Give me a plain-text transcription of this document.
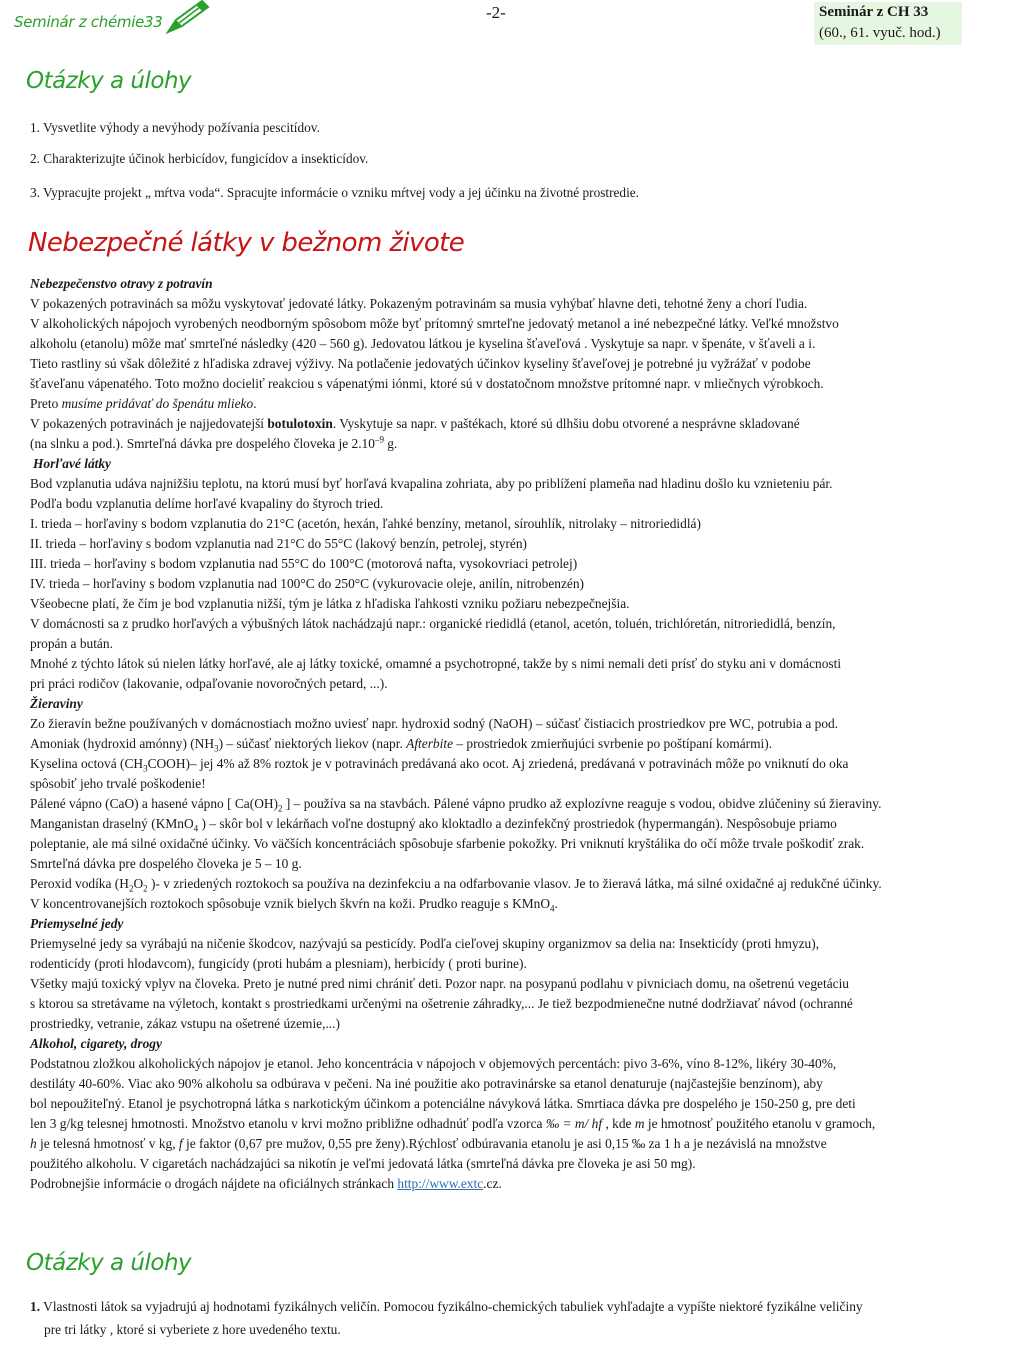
Seminár z chémie33	-2-	Seminár z CH 33
(60., 61. vyuč. hod.)
Otázky a úlohy
1. Vysvetlite výhody a nevýhody požívania pescitídov.
2. Charakterizujte účinok herbicídov, fungicídov a insekticídov.
3. Vypracujte projekt „ mŕtva voda“. Spracujte informácie o vzniku mŕtvej vody a jej účinku na životné prostredie.
Nebezpečné látky v bežnom živote
Nebezpečenstvo otravy z potravín
V pokazených potravinách sa môžu vyskytovať jedovaté látky. Pokazeným potravinám sa musia vyhýbať hlavne deti, tehotné ženy a chorí ľudia.
V alkoholických nápojoch vyrobených neodborným spôsobom môže byť prítomný smrteľne jedovatý metanol a iné nebezpečné látky. Veľké množstvo
alkoholu (etanolu) môže mať smrteľné následky (420 – 560 g). Jedovatou látkou je kyselina šťaveľová . Vyskytuje sa napr. v špenáte, v šťaveli a i.
Tieto rastliny sú však dôležité z hľadiska zdravej výživy. Na potlačenie jedovatých účinkov kyseliny šťaveľovej je potrebné ju vyžrážať v podobe
šťaveľanu vápenatého. Toto možno docieliť reakciou s vápenatými iónmi, ktoré sú v dostatočnom množstve prítomné napr. v mliečnych výrobkoch.
Preto musíme pridávať do špenátu mlieko.
V pokazených potravinách je najjedovatejší botulotoxin. Vyskytuje sa napr. v paštékach, ktoré sú dlhšiu dobu otvorené a nesprávne skladované
(na slnku a pod.). Smrteľná dávka pre dospelého človeka je $2.10^{-9}$ g.
Horľavé látky
Bod vzplanutia udáva najnižšiu teplotu, na ktorú musí byť horľavá kvapalina zohriata, aby po priblížení plameňa nad hladinu došlo ku vznieteniu pár.
Podľa bodu vzplanutia delíme horľavé kvapaliny do štyroch tried.
I. trieda – horľaviny s bodom vzplanutia do 21°C (acetón, hexán, ľahké benzíny, metanol, sírouhlík, nitrolaky – nitroriedidlá)
II. trieda – horľaviny s bodom vzplanutia nad 21°C do 55°C (lakový benzín, petrolej, styrén)
III. trieda – horľaviny s bodom vzplanutia nad 55°C do 100°C (motorová nafta, vysokovriaci petrolej)
IV. trieda – horľaviny s bodom vzplanutia nad 100°C do 250°C (vykurovacie oleje, anilín, nitrobenzén)
Všeobecne platí, že čím je bod vzplanutia nižší, tým je látka z hľadiska ľahkosti vzniku požiaru nebezpečnejšia.
V domácnosti sa z prudko horľavých a výbušných látok nachádzajú napr.: organické riedidlá (etanol, acetón, toluén, trichlóretán, nitroriedidlá, benzín,
propán a bután.
Mnohé z týchto látok sú nielen látky horľavé, ale aj látky toxické, omamné a psychotropné, takže by s nimi nemali deti prísť do styku ani v domácnosti
pri práci rodičov (lakovanie, odpaľovanie novoročných petard, ...).
Žieraviny
Zo žieravín bežne používaných v domácnostiach možno uviesť napr. hydroxid sodný (NaOH) – súčasť čistiacich prostriedkov pre WC, potrubia a pod.
Amoniak (hydroxid amónny) $(NH_3)$ – súčasť niektorých liekov (napr. Afterbite – prostriedok zmierňujúci svrbenie po poštípaní komármi).
Kyselina octová $(CH_3COOH)-$ jej 4% až 8% roztok je v potravinách predávaná ako ocot. Aj zriedená, predávaná v potravinách môže po vniknutí do oka
spôsobiť jeho trvalé poškodenie!
Pálené vápno (CaO) a hasené vápno [ $Ca(OH)_2$ ] – používa sa na stavbách. Pálené vápno prudko až explozívne reaguje s vodou, obidve zlúčeniny sú žieraviny.
Manganistan draselný (KMnO$_4$ ) – skôr bol v lekárňach voľne dostupný ako kloktadlo a dezinfekčný prostriedok (hypermangán). Nespôsobuje priamo
poleptanie, ale má silné oxidačné účinky. Vo väčších koncentráciách spôsobuje sfarbenie pokožky. Pri vniknutí kryštálika do očí môže trvale poškodiť zrak.
Smrteľná dávka pre dospelého človeka je 5 – 10 g.
Peroxid vodíka ($H_2O_2$ )- v zriedených roztokoch sa používa na dezinfekciu a na odfarbovanie vlasov. Je to žieravá látka, má silné oxidačné aj redukčné účinky.
V koncentrovanejších roztokoch spôsobuje vznik bielych škvŕn na koži. Prudko reaguje s KMnO$_4$.
Priemyselné jedy
Priemyselné jedy sa vyrábajú na ničenie škodcov, nazývajú sa pesticídy. Podľa cieľovej skupiny organizmov sa delia na: Insekticídy (proti hmyzu),
rodenticídy (proti hlodavcom), fungicídy (proti hubám a plesniam), herbicídy ( proti burine).
Všetky majú toxický vplyv na človeka. Preto je nutné pred nimi chrániť deti. Pozor napr. na posypanú podlahu v pivniciach domu, na ošetrenú vegetáciu
s ktorou sa stretávame na výletoch, kontakt s prostriedkami určenými na ošetrenie záhradky,... Je tiež bezpodmienečne nutné dodržiavať návod (ochranné
prostriedky, vetranie, zákaz vstupu na ošetrené územie,...)
Alkohol, cigarety, drogy
Podstatnou zložkou alkoholických nápojov je etanol. Jeho koncentrácia v nápojoch v objemových percentách: pivo 3-6%, víno 8-12%, likéry 30-40%,
destiláty 40-60%. Viac ako 90% alkoholu sa odbúrava v pečeni. Na iné použitie ako potravinárske sa etanol denaturuje (najčastejšie benzínom), aby
bol nepoužiteľný. Etanol je psychotropná látka s narkotickým účinkom a potenciálne návyková látka. Smrtiaca dávka pre dospelého je 150-250 g, pre deti
len 3 g/kg telesnej hmotnosti. Množstvo etanolu v krvi možno približne odhadnúť podľa vzorca ‰ = m/ hf , kde m je hmotnosť použitého etanolu v gramoch,
h je telesná hmotnosť v kg, f je faktor (0,67 pre mužov, 0,55 pre ženy).Rýchlosť odbúravania etanolu je asi 0,15 ‰ za 1 h a je nezávislá na množstve
použitého alkoholu. V cigaretách nachádzajúci sa nikotín je veľmi jedovatá látka (smrteľná dávka pre človeka je asi 50 mg).
Podrobnejšie informácie o drogách nájdete na oficiálnych stránkach http://www.extc.cz.
Otázky a úlohy
1. Vlastnosti látok sa vyjadrujú aj hodnotami fyzikálnych veličín. Pomocou fyzikálno-chemických tabuliek vyhľadajte a vypíšte niektoré fyzikálne veličiny
pre tri látky , ktoré si vyberiete z hore uvedeného textu.
